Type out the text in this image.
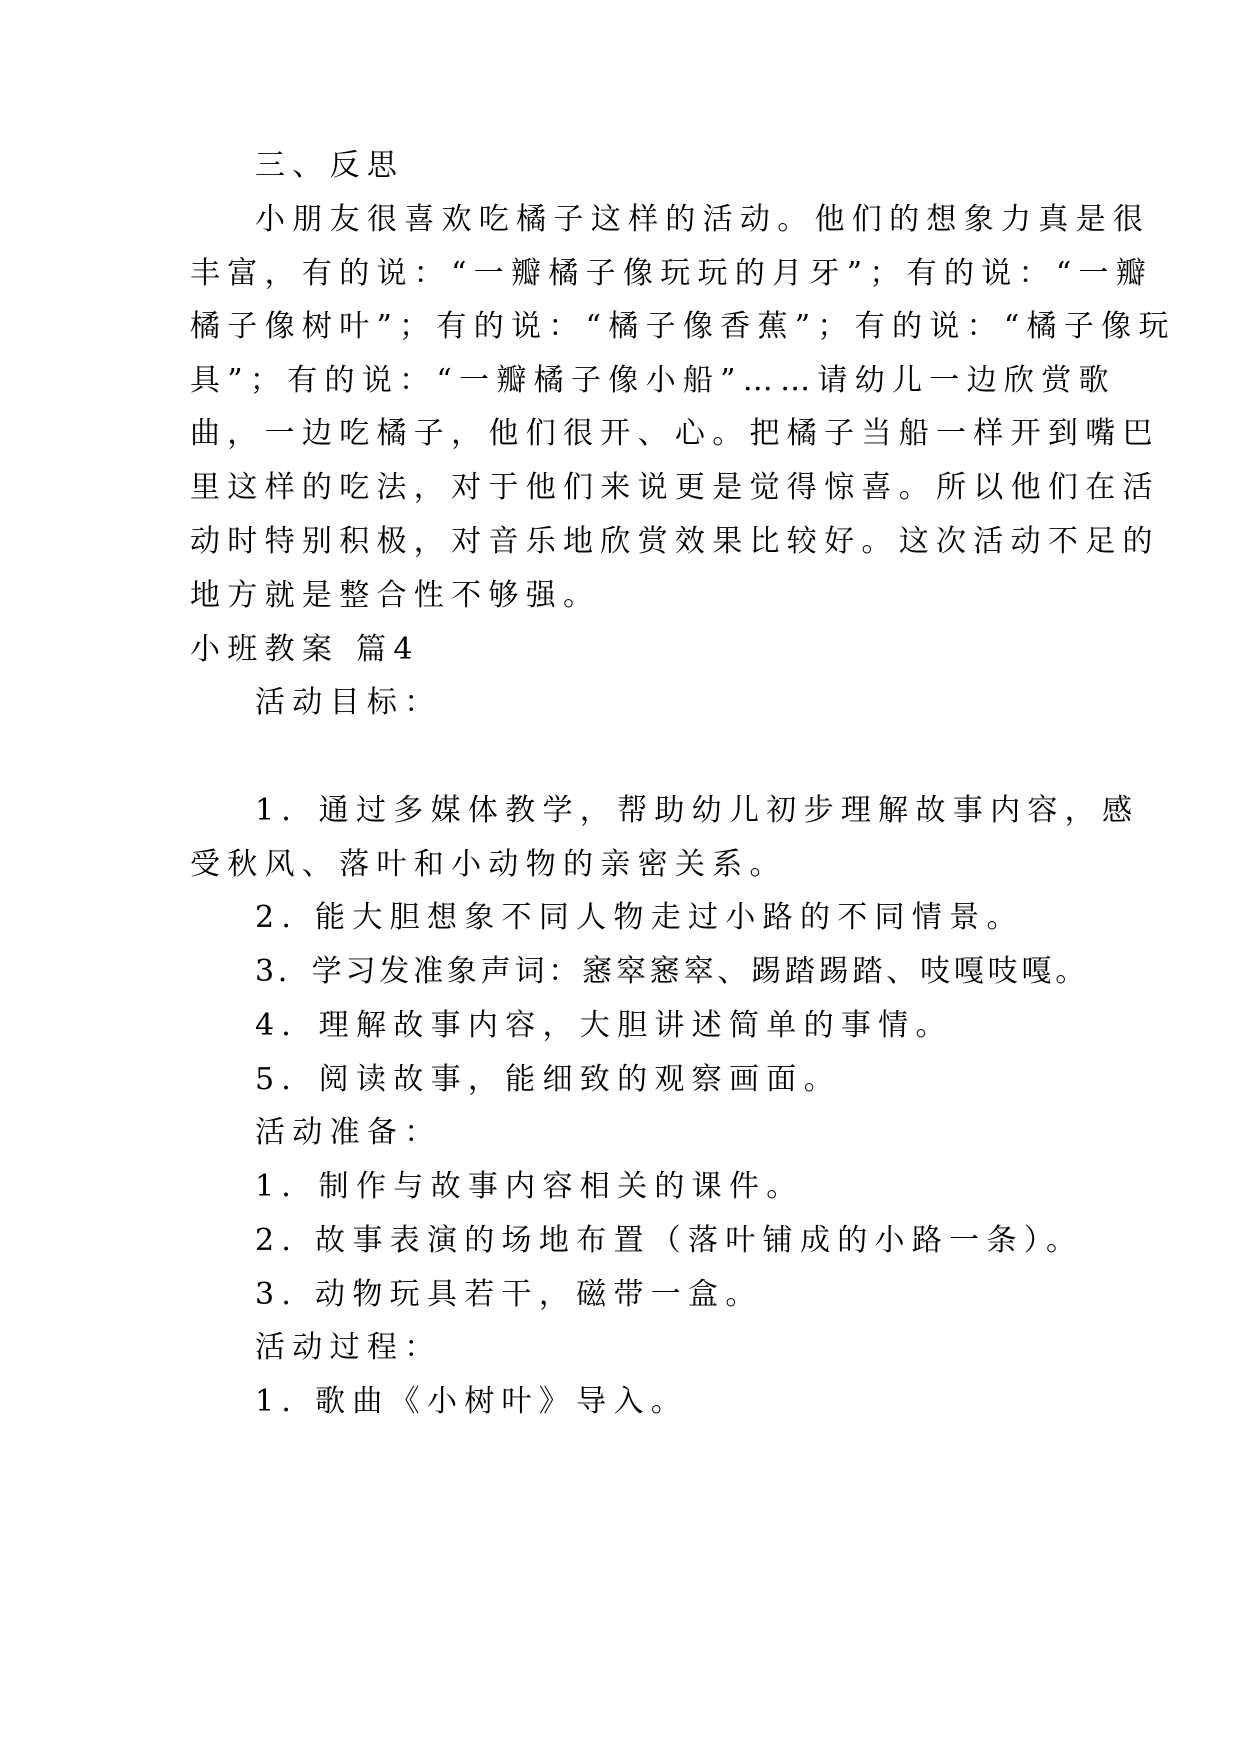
三、反思
小朋友很喜欢吃橘子这样的活动。他们的想象力真是很
丰富，有的说：“一瓣橘子像玩玩的月牙”；有的说：“一瓣
橘子像树叶”；有的说：“橘子像香蕉”；有的说：“橘子像玩
具”；有的说：“一瓣橘子像小船”……请幼儿一边欣赏歌
曲，一边吃橘子，他们很开、心。把橘子当船一样开到嘴巴
里这样的吃法，对于他们来说更是觉得惊喜。所以他们在活
动时特别积极，对音乐地欣赏效果比较好。这次活动不足的
地方就是整合性不够强。
小班教案 篇4
活动目标：
1．通过多媒体教学，帮助幼儿初步理解故事内容，感
受秋风、落叶和小动物的亲密关系。
2. 能大胆想象不同人物走过小路的不同情景。
3．学习发准象声词：窸窣窸窣、踢踏踢踏、吱嘎吱嘎。
4．理解故事内容，大胆讲述简单的事情。
5．阅读故事，能细致的观察画面。
活动准备：
1．制作与故事内容相关的课件。
2. 故事表演的场地布置（落叶铺成的小路一条）。
3. 动物玩具若干，磁带一盒。
活动过程：
1. 歌曲《小树叶》导入。
